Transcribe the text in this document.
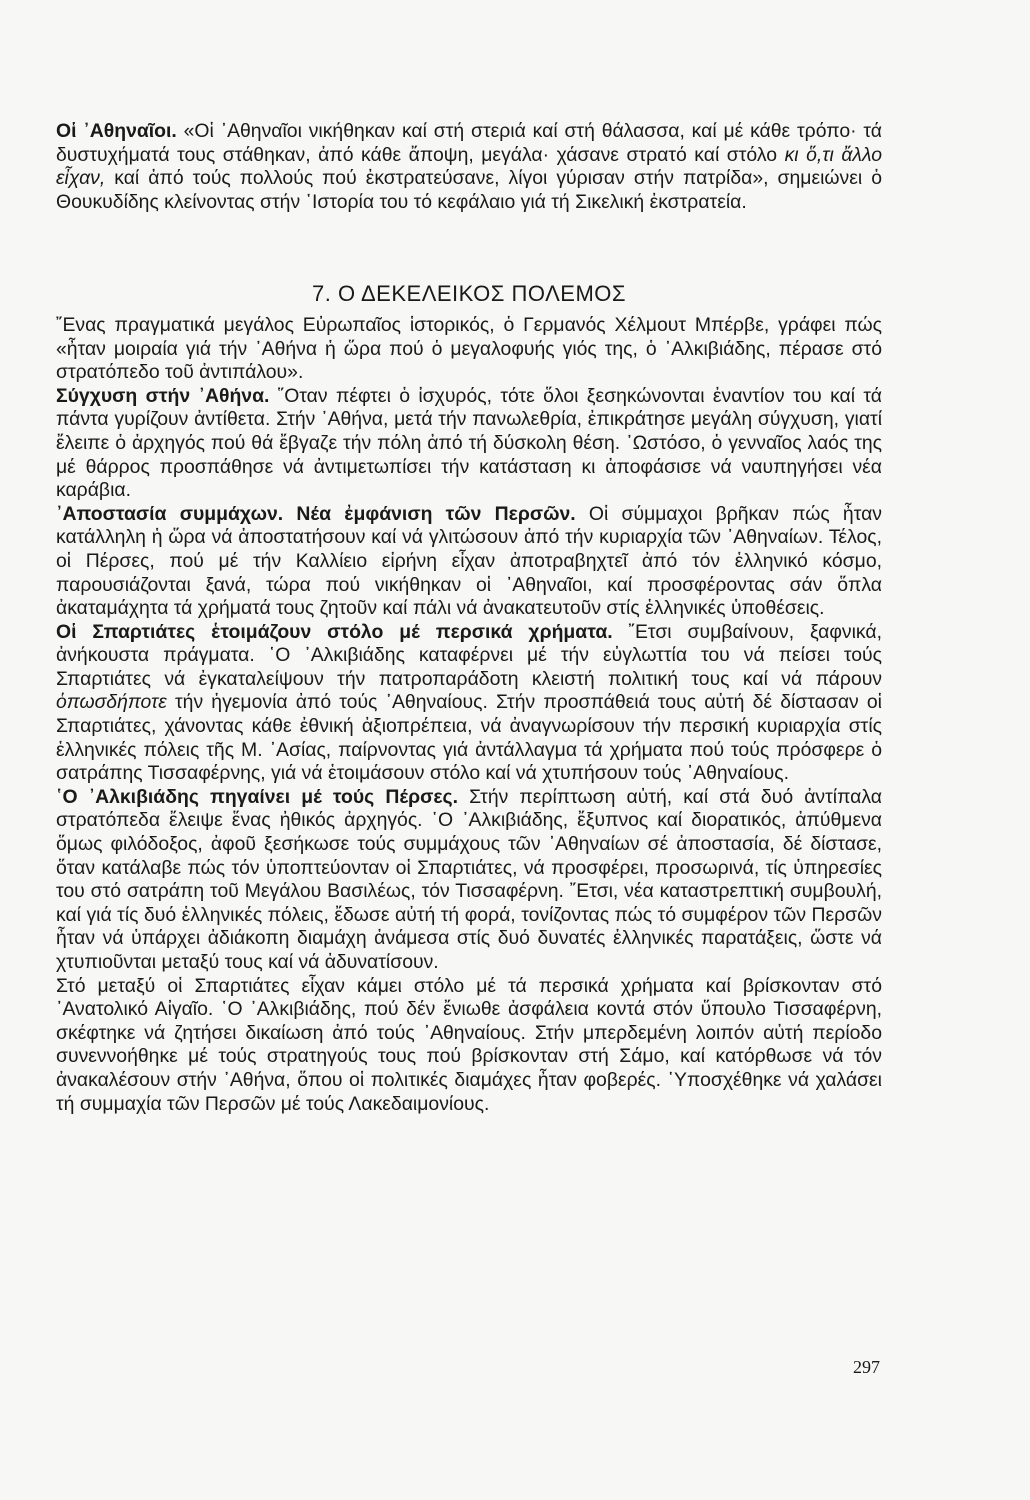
Οἱ ᾿Αθηναῖοι. «Οἱ ᾿Αθηναῖοι νικήθηκαν καί στή στεριά καί στή θάλασσα, καί μέ κάθε τρόπο· τά δυστυχήματά τους στάθηκαν, ἀπό κάθε ἄποψη, μεγάλα· χάσανε στρατό καί στόλο κι ὅ,τι ἄλλο εἶχαν, καί ἀπό τούς πολλούς πού ἐκστρατεύσανε, λίγοι γύρισαν στήν πατρίδα», σημειώνει ὁ Θουκυδίδης κλείνοντας στήν ῾Ιστορία του τό κεφάλαιο γιά τή Σικελική ἐκστρατεία.

7. Ο ΔΕΚΕΛΕΙΚΟΣ ΠΟΛΕΜΟΣ

῎Ενας πραγματικά μεγάλος Εὐρωπαῖος ἱστορικός, ὁ Γερμανός Χέλμουτ Μπέρβε, γράφει πώς «ἦταν μοιραία γιά τήν ᾿Αθήνα ἡ ὥρα πού ὁ μεγαλοφυής γιός της, ὁ ᾿Αλκιβιάδης, πέρασε στό στρατόπεδο τοῦ ἀντιπάλου».

Σύγχυση στήν ᾿Αθήνα. ῞Οταν πέφτει ὁ ἰσχυρός, τότε ὅλοι ξεσηκώνονται ἐναντίον του καί τά πάντα γυρίζουν ἀντίθετα. Στήν ᾿Αθήνα, μετά τήν πανωλεθρία, ἐπικράτησε μεγάλη σύγχυση, γιατί ἔλειπε ὁ ἀρχηγός πού θά ἔβγαζε τήν πόλη ἀπό τή δύσκολη θέση. ᾿Ωστόσο, ὁ γενναῖος λαός της μέ θάρρος προσπάθησε νά ἀντιμετωπίσει τήν κατάσταση κι ἀποφάσισε νά ναυπηγήσει νέα καράβια.

᾿Αποστασία συμμάχων. Νέα ἐμφάνιση τῶν Περσῶν. Οἱ σύμμαχοι βρῆκαν πώς ἦταν κατάλληλη ἡ ὥρα νά ἀποστατήσουν καί νά γλιτώσουν ἀπό τήν κυριαρχία τῶν ᾿Αθηναίων. Τέλος, οἱ Πέρσες, πού μέ τήν Καλλίειο εἰρήνη εἶχαν ἀποτραβηχτεῖ ἀπό τόν ἑλληνικό κόσμο, παρουσιάζονται ξανά, τώρα πού νικήθηκαν οἱ ᾿Αθηναῖοι, καί προσφέροντας σάν ὅπλα ἀκαταμάχητα τά χρήματά τους ζητοῦν καί πάλι νά ἀνακατευτοῦν στίς ἑλληνικές ὑποθέσεις.

Οἱ Σπαρτιάτες ἑτοιμάζουν στόλο μέ περσικά χρήματα. ῎Ετσι συμβαίνουν, ξαφνικά, ἀνήκουστα πράγματα. ῾Ο ᾿Αλκιβιάδης καταφέρνει μέ τήν εὐγλωττία του νά πείσει τούς Σπαρτιάτες νά ἐγκαταλείψουν τήν πατροπαράδοτη κλειστή πολιτική τους καί νά πάρουν ὁπωσδήποτε τήν ἡγεμονία ἀπό τούς ᾿Αθηναίους. Στήν προσπάθειά τους αὐτή δέ δίστασαν οἱ Σπαρτιάτες, χάνοντας κάθε ἐθνική ἀξιοπρέπεια, νά ἀναγνωρίσουν τήν περσική κυριαρχία στίς ἑλληνικές πόλεις τῆς Μ. ᾿Ασίας, παίρνοντας γιά ἀντάλλαγμα τά χρήματα πού τούς πρόσφερε ὁ σατράπης Τισσαφέρνης, γιά νά ἑτοιμάσουν στόλο καί νά χτυπήσουν τούς ᾿Αθηναίους.

῾Ο ᾿Αλκιβιάδης πηγαίνει μέ τούς Πέρσες. Στήν περίπτωση αὐτή, καί στά δυό ἀντίπαλα στρατόπεδα ἔλειψε ἕνας ἠθικός ἀρχηγός. ῾Ο ᾿Αλκιβιάδης, ἔξυπνος καί διορατικός, ἀπύθμενα ὅμως φιλόδοξος, ἀφοῦ ξεσήκωσε τούς συμμάχους τῶν ᾿Αθηναίων σέ ἀποστασία, δέ δίστασε, ὅταν κατάλαβε πώς τόν ὑποπτεύονταν οἱ Σπαρτιάτες, νά προσφέρει, προσωρινά, τίς ὑπηρεσίες του στό σατράπη τοῦ Μεγάλου Βασιλέως, τόν Τισσαφέρνη. ῎Ετσι, νέα καταστρεπτική συμβουλή, καί γιά τίς δυό ἑλληνικές πόλεις, ἔδωσε αὐτή τή φορά, τονίζοντας πώς τό συμφέρον τῶν Περσῶν ἦταν νά ὑπάρχει ἀδιάκοπη διαμάχη ἀνάμεσα στίς δυό δυνατές ἑλληνικές παρατάξεις, ὥστε νά χτυπιοῦνται μεταξύ τους καί νά ἀδυνατίσουν.

Στό μεταξύ οἱ Σπαρτιάτες εἶχαν κάμει στόλο μέ τά περσικά χρήματα καί βρίσκονταν στό ᾿Ανατολικό Αἰγαῖο. ῾Ο ᾿Αλκιβιάδης, πού δέν ἔνιωθε ἀσφάλεια κοντά στόν ὕπουλο Τισσαφέρνη, σκέφτηκε νά ζητήσει δικαίωση ἀπό τούς ᾿Αθηναίους. Στήν μπερδεμένη λοιπόν αὐτή περίοδο συνεννοήθηκε μέ τούς στρατηγούς τους πού βρίσκονταν στή Σάμο, καί κατόρθωσε νά τόν ἀνακαλέσουν στήν ᾿Αθήνα, ὅπου οἱ πολιτικές διαμάχες ἦταν φοβερές. ῾Υποσχέθηκε νά χαλάσει τή συμμαχία τῶν Περσῶν μέ τούς Λακεδαιμονίους.

297
